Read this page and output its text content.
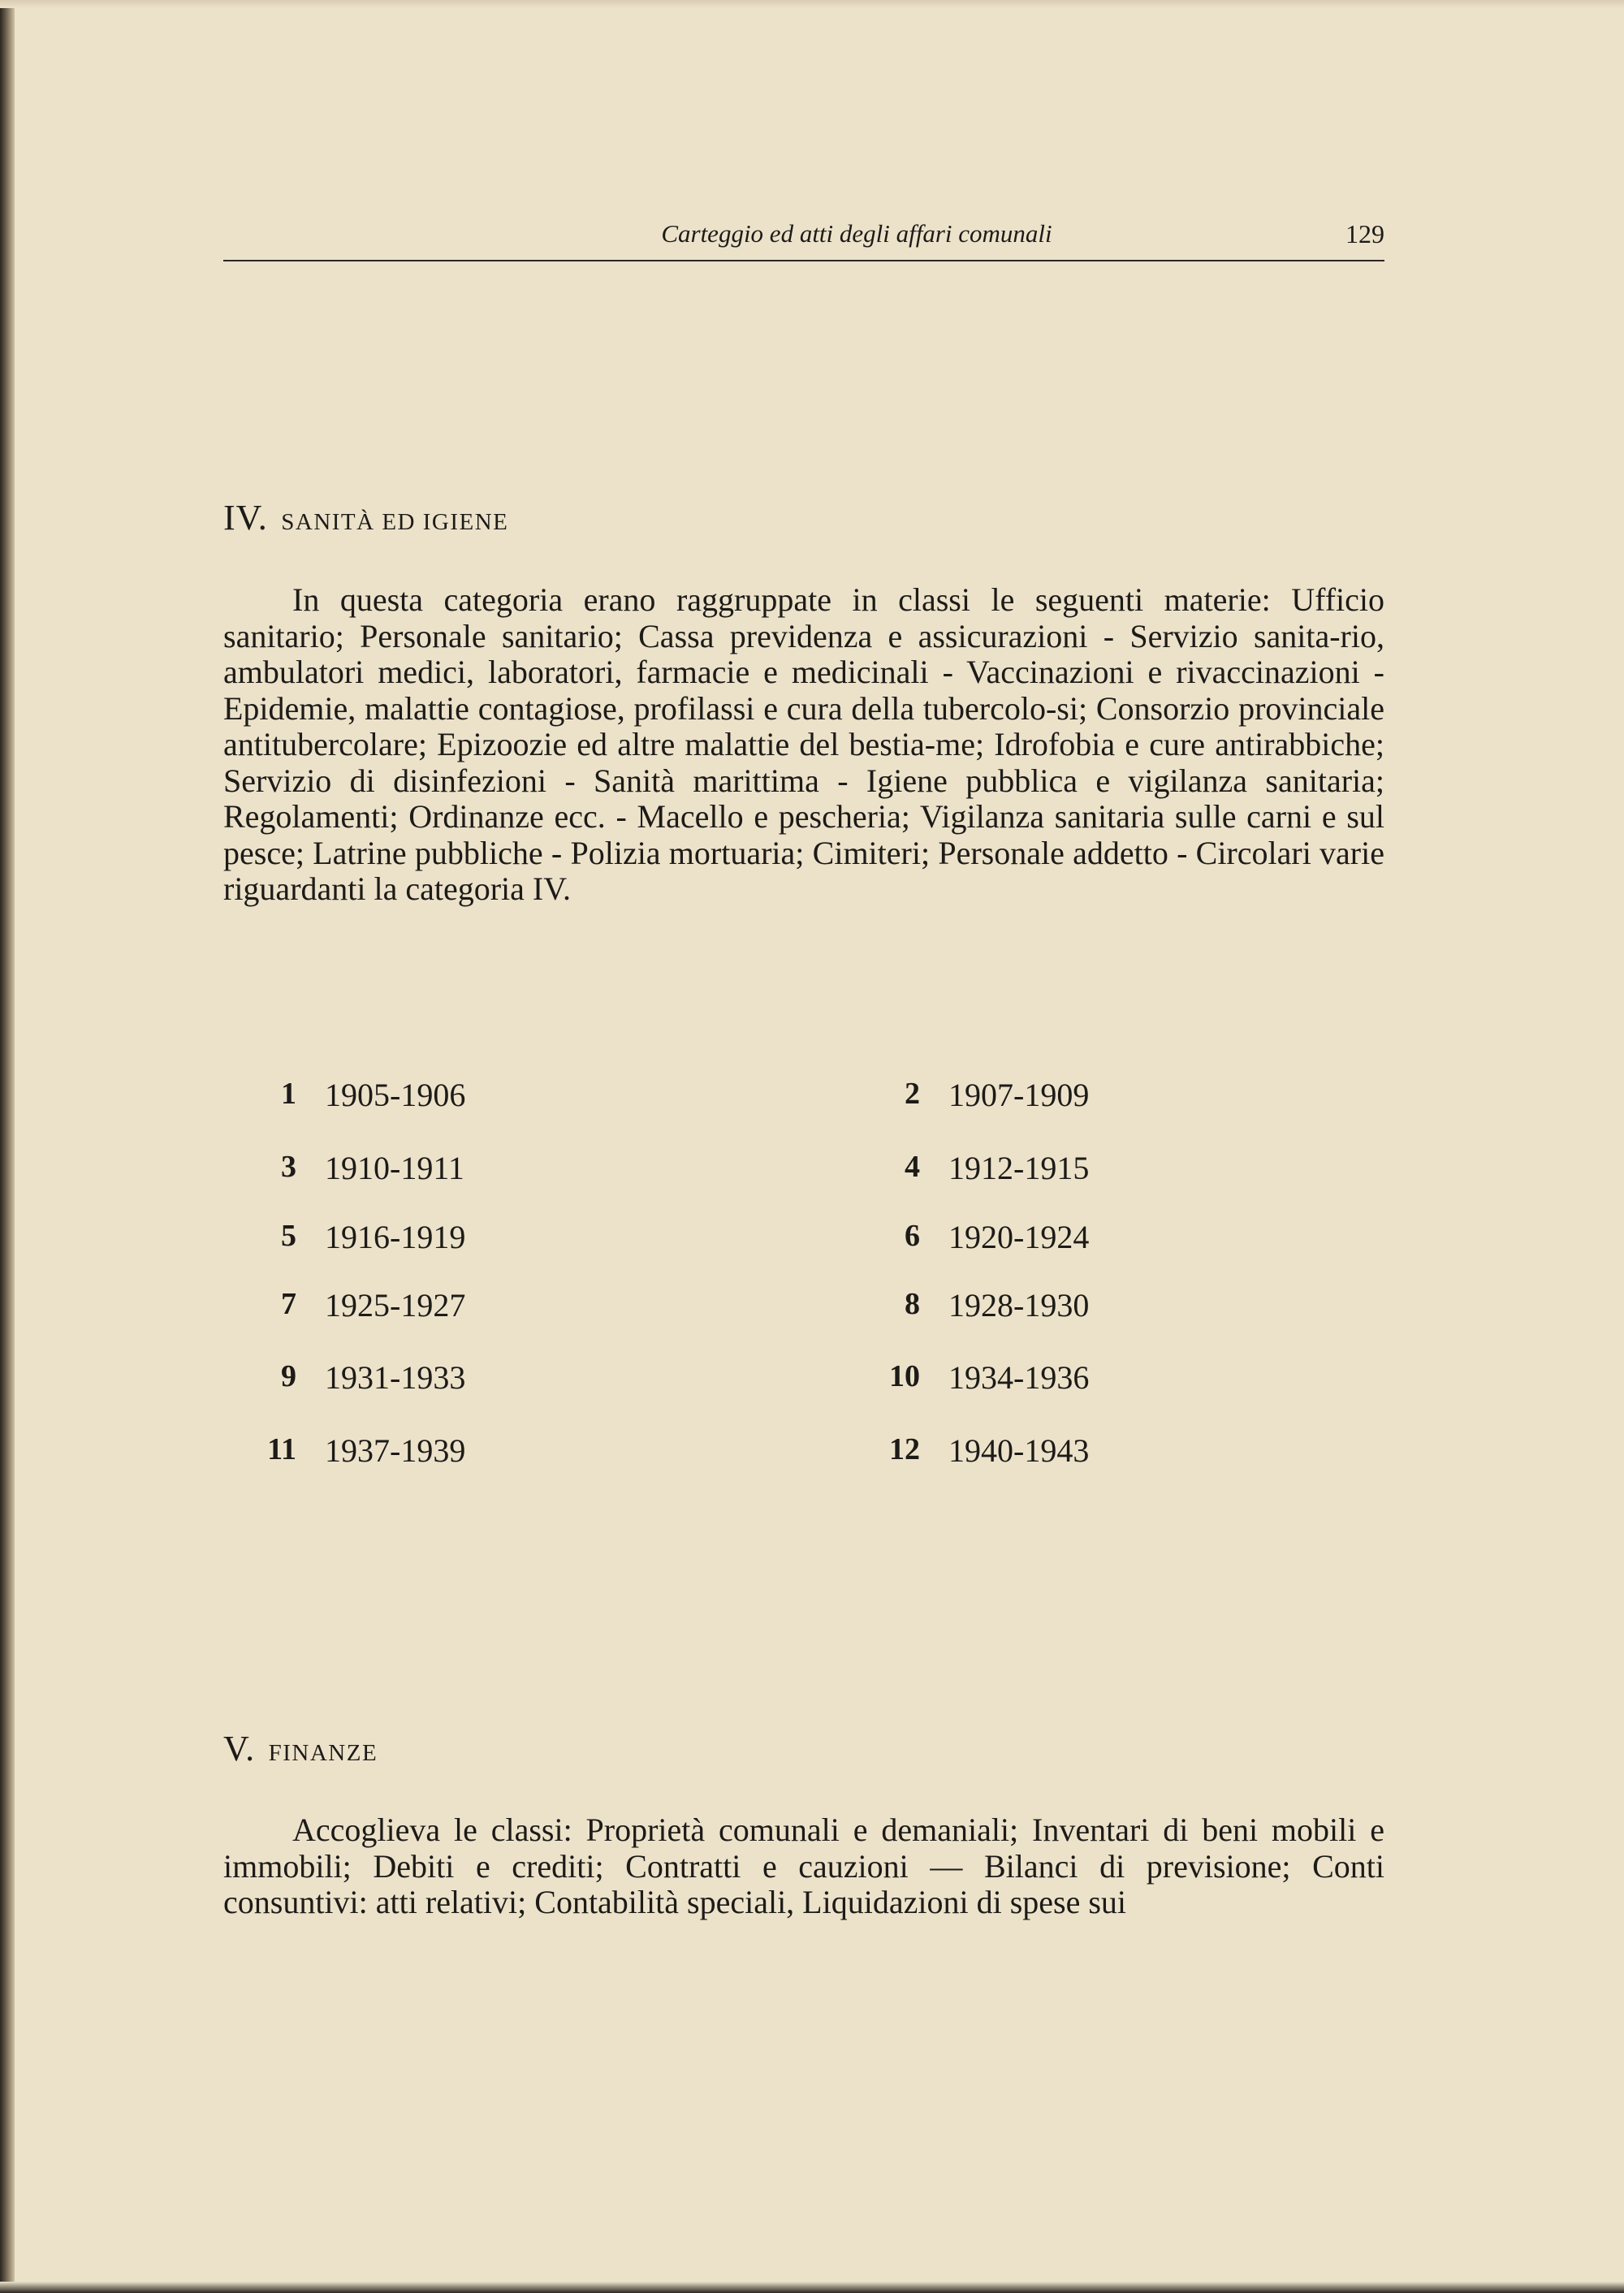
Carteggio ed atti degli affari comunali	129
IV. SANITÀ ED IGIENE

In questa categoria erano raggruppate in classi le seguenti materie: Ufficio sanitario; Personale sanitario; Cassa previdenza e assicurazioni - Servizio sanita-rio, ambulatori medici, laboratori, farmacie e medicinali - Vaccinazioni e rivaccinazioni - Epidemie, malattie contagiose, profilassi e cura della tubercolo-si; Consorzio provinciale antitubercolare; Epizoozie ed altre malattie del bestia-me; Idrofobia e cure antirabbiche; Servizio di disinfezioni - Sanità marittima - Igiene pubblica e vigilanza sanitaria; Regolamenti; Ordinanze ecc. - Macello e pescheria; Vigilanza sanitaria sulle carni e sul pesce; Latrine pubbliche - Polizia mortuaria; Cimiteri; Personale addetto - Circolari varie riguardanti la categoria IV.

1 1905-1906	2 1907-1909
3 1910-1911	4 1912-1915
5 1916-1919	6 1920-1924
7 1925-1927	8 1928-1930
9 1931-1933	10 1934-1936
11 1937-1939	12 1940-1943
V. FINANZE

Accoglieva le classi: Proprietà comunali e demaniali; Inventari di beni mobili e immobili; Debiti e crediti; Contratti e cauzioni — Bilanci di previsione; Conti consuntivi: atti relativi; Contabilità speciali, Liquidazioni di spese sui
